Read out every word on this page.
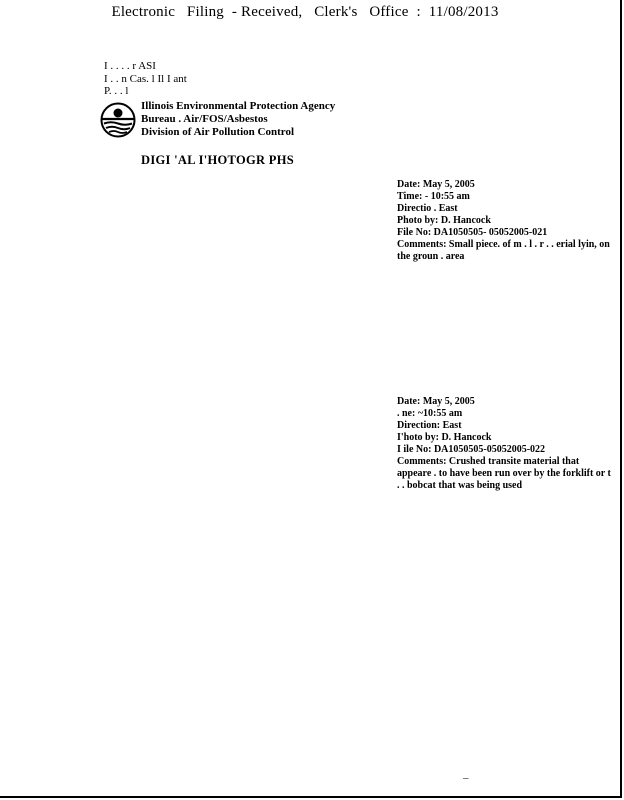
Electronic   Filing  - Received,   Clerk's   Office  :  11/08/2013
I . . . . r ASI
I . . n Cas. l Il I ant
P. . . l
Illinois Environmental Protection Agency
Bureau . Air/FOS/Asbestos
Division of Air Pollution Control
DIGI 'AL I'HOTOGR PHS
Date: May 5, 2005
Time: - 10:55 am
Directio . East
Photo by: D. Hancock
File No: DA1050505- 05052005-021
Comments: Small piece. of m . l . r . . erial lyin, on the groun . area
Date: May 5, 2005
. ne: ~10:55 am
Direction: East
I'hoto by: D. Hancock
I ile No: DA1050505-05052005-022
Comments: Crushed transite material that appeare . to have been run over by the forklift or t . . bobcat that was being used
_
